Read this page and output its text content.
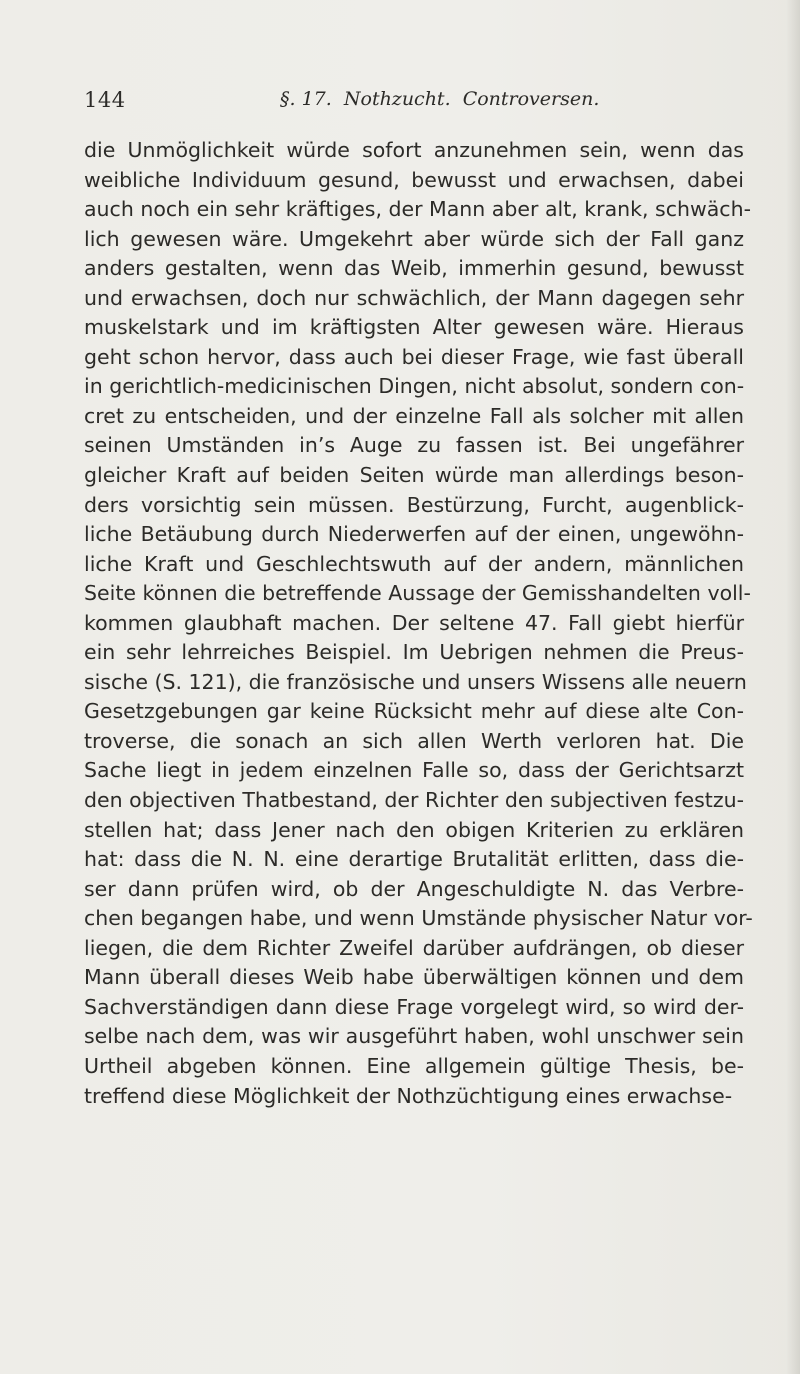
144	§. 17.  Nothzucht.  Controversen.
die Unmöglichkeit würde sofort anzunehmen sein, wenn das
weibliche Individuum gesund, bewusst und erwachsen, dabei
auch noch ein sehr kräftiges, der Mann aber alt, krank, schwäch-
lich gewesen wäre. Umgekehrt aber würde sich der Fall ganz
anders gestalten, wenn das Weib, immerhin gesund, bewusst
und erwachsen, doch nur schwächlich, der Mann dagegen sehr
muskelstark und im kräftigsten Alter gewesen wäre. Hieraus
geht schon hervor, dass auch bei dieser Frage, wie fast überall
in gerichtlich-medicinischen Dingen, nicht absolut, sondern con-
cret zu entscheiden, und der einzelne Fall als solcher mit allen
seinen Umständen in’s Auge zu fassen ist. Bei ungefährer
gleicher Kraft auf beiden Seiten würde man allerdings beson-
ders vorsichtig sein müssen. Bestürzung, Furcht, augenblick-
liche Betäubung durch Niederwerfen auf der einen, ungewöhn-
liche Kraft und Geschlechtswuth auf der andern, männlichen
Seite können die betreffende Aussage der Gemisshandelten voll-
kommen glaubhaft machen. Der seltene 47. Fall giebt hierfür
ein sehr lehrreiches Beispiel. Im Uebrigen nehmen die Preus-
sische (S. 121), die französische und unsers Wissens alle neuern
Gesetzgebungen gar keine Rücksicht mehr auf diese alte Con-
troverse, die sonach an sich allen Werth verloren hat. Die
Sache liegt in jedem einzelnen Falle so, dass der Gerichtsarzt
den objectiven Thatbestand, der Richter den subjectiven festzu-
stellen hat; dass Jener nach den obigen Kriterien zu erklären
hat: dass die N. N. eine derartige Brutalität erlitten, dass die-
ser dann prüfen wird, ob der Angeschuldigte N. das Verbre-
chen begangen habe, und wenn Umstände physischer Natur vor-
liegen, die dem Richter Zweifel darüber aufdrängen, ob dieser
Mann überall dieses Weib habe überwältigen können und dem
Sachverständigen dann diese Frage vorgelegt wird, so wird der-
selbe nach dem, was wir ausgeführt haben, wohl unschwer sein
Urtheil abgeben können. Eine allgemein gültige Thesis, be-
treffend diese Möglichkeit der Nothzüchtigung eines erwachse-
